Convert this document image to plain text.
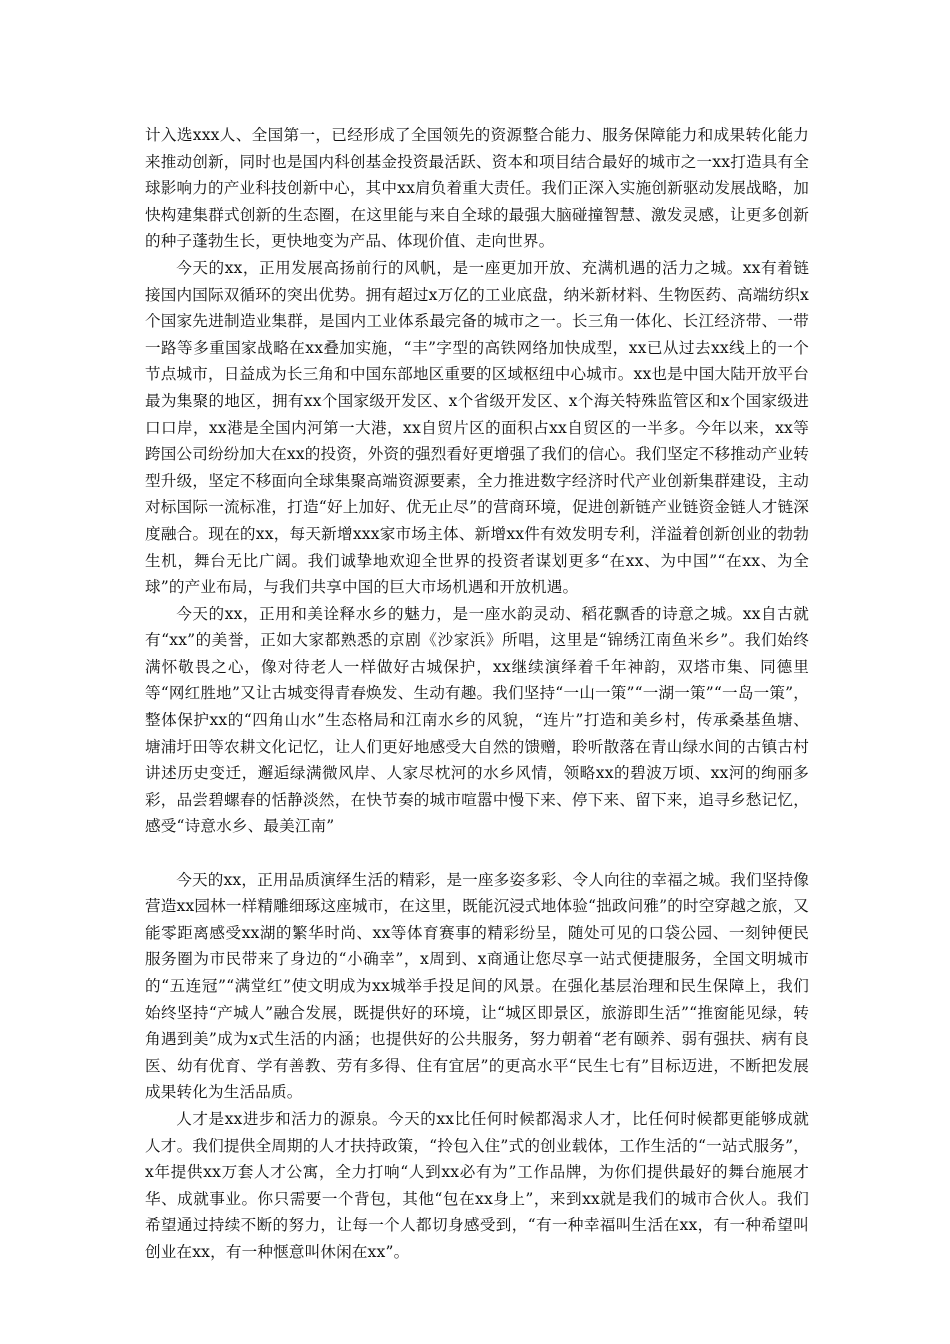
计入选xxx人、全国第一，已经形成了全国领先的资源整合能力、服务保障能力和成果转化能力来推动创新，同时也是国内科创基金投资最活跃、资本和项目结合最好的城市之一xx打造具有全球影响力的产业科技创新中心，其中xx肩负着重大责任。我们正深入实施创新驱动发展战略，加快构建集群式创新的生态圈，在这里能与来自全球的最强大脑碰撞智慧、激发灵感，让更多创新的种子蓬勃生长，更快地变为产品、体现价值、走向世界。

今天的xx，正用发展高扬前行的风帆，是一座更加开放、充满机遇的活力之城。xx有着链接国内国际双循环的突出优势。拥有超过x万亿的工业底盘，纳米新材料、生物医药、高端纺织x个国家先进制造业集群，是国内工业体系最完备的城市之一。长三角一体化、长江经济带、一带一路等多重国家战略在xx叠加实施，“丰”字型的高铁网络加快成型，xx已从过去xx线上的一个节点城市，日益成为长三角和中国东部地区重要的区域枢纽中心城市。xx也是中国大陆开放平台最为集聚的地区，拥有xx个国家级开发区、x个省级开发区、x个海关特殊监管区和x个国家级进口口岸，xx港是全国内河第一大港，xx自贸片区的面积占xx自贸区的一半多。今年以来，xx等跨国公司纷纷加大在xx的投资，外资的强烈看好更增强了我们的信心。我们坚定不移推动产业转型升级，坚定不移面向全球集聚高端资源要素，全力推进数字经济时代产业创新集群建设，主动对标国际一流标准，打造“好上加好、优无止尽”的营商环境，促进创新链产业链资金链人才链深度融合。现在的xx，每天新增xxx家市场主体、新增xx件有效发明专利，洋溢着创新创业的勃勃生机，舞台无比广阔。我们诚挚地欢迎全世界的投资者谋划更多“在xx、为中国”“在xx、为全球”的产业布局，与我们共享中国的巨大市场机遇和开放机遇。

今天的xx，正用和美诠释水乡的魅力，是一座水韵灵动、稻花飘香的诗意之城。xx自古就有“xx”的美誉，正如大家都熟悉的京剧《沙家浜》所唱，这里是“锦绣江南鱼米乡”。我们始终满怀敬畏之心，像对待老人一样做好古城保护，xx继续演绎着千年神韵，双塔市集、同德里等“网红胜地”又让古城变得青春焕发、生动有趣。我们坚持“一山一策”“一湖一策”“一岛一策”，整体保护xx的“四角山水”生态格局和江南水乡的风貌，“连片”打造和美乡村，传承桑基鱼塘、塘浦圩田等农耕文化记忆，让人们更好地感受大自然的馈赠，聆听散落在青山绿水间的古镇古村讲述历史变迁，邂逅绿满微风岸、人家尽枕河的水乡风情，领略xx的碧波万顷、xx河的绚丽多彩，品尝碧螺春的恬静淡然，在快节奏的城市喧嚣中慢下来、停下来、留下来，追寻乡愁记忆，感受“诗意水乡、最美江南”

今天的xx，正用品质演绎生活的精彩，是一座多姿多彩、令人向往的幸福之城。我们坚持像营造xx园林一样精雕细琢这座城市，在这里，既能沉浸式地体验“拙政问雅”的时空穿越之旅，又能零距离感受xx湖的繁华时尚、xx等体育赛事的精彩纷呈，随处可见的口袋公园、一刻钟便民服务圈为市民带来了身边的“小确幸”，x周到、x商通让您尽享一站式便捷服务，全国文明城市的“五连冠”“满堂红”使文明成为xx城举手投足间的风景。在强化基层治理和民生保障上，我们始终坚持“产城人”融合发展，既提供好的环境，让“城区即景区，旅游即生活”“推窗能见绿，转角遇到美”成为x式生活的内涵；也提供好的公共服务，努力朝着“老有颐养、弱有强扶、病有良医、幼有优育、学有善教、劳有多得、住有宜居”的更高水平“民生七有”目标迈进，不断把发展成果转化为生活品质。

人才是xx进步和活力的源泉。今天的xx比任何时候都渴求人才，比任何时候都更能够成就人才。我们提供全周期的人才扶持政策，“拎包入住”式的创业载体，工作生活的“一站式服务”，x年提供xx万套人才公寓，全力打响“人到xx必有为”工作品牌，为你们提供最好的舞台施展才华、成就事业。你只需要一个背包，其他“包在xx身上”，来到xx就是我们的城市合伙人。我们希望通过持续不断的努力，让每一个人都切身感受到，“有一种幸福叫生活在xx，有一种希望叫创业在xx，有一种惬意叫休闲在xx”。
